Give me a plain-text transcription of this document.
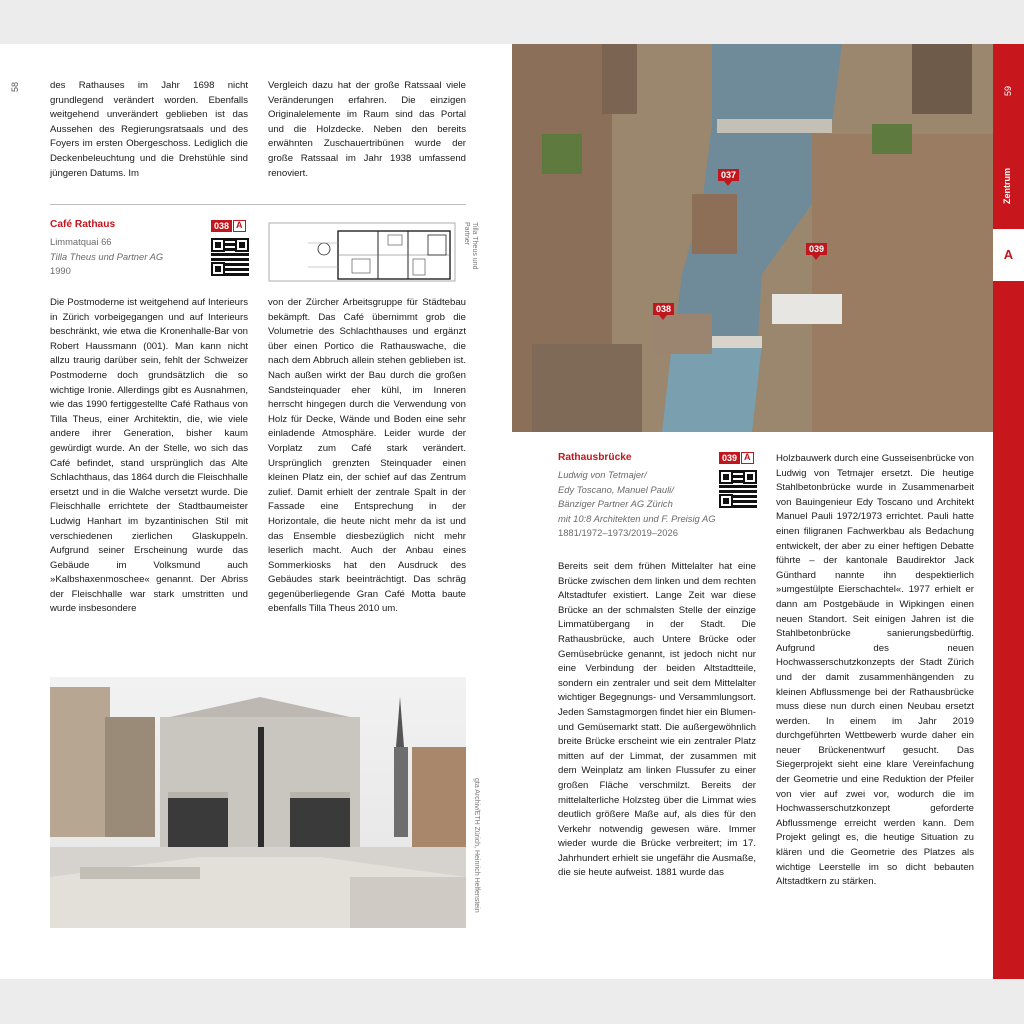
58	des Rathauses im Jahr 1698 nicht grundlegend verändert worden. Ebenfalls weitgehend unverändert geblieben ist das Aussehen des Regierungsratsaals und des Foyers im ersten Obergeschoss. Lediglich die Deckenbeleuchtung und die Drehstühle sind jüngeren Datums. Im
Vergleich dazu hat der große Ratssaal viele Veränderungen erfahren. Die einzigen Originalelemente im Raum sind das Portal und die Holzdecke. Neben den bereits erwähnten Zuschauertribünen wurde der große Ratssaal im Jahr 1938 umfassend renoviert.
Café Rathaus
Limmatquai 66
Tilla Theus und Partner AG
1990
038 A	Tilla Theus und Partner
Die Postmoderne ist weitgehend auf Interieurs in Zürich vorbeigegangen und auf Interieurs beschränkt, wie etwa die Kronenhalle-Bar von Robert Haussmann (001). Man kann nicht allzu traurig darüber sein, fehlt der Schweizer Postmoderne doch grundsätzlich die so wichtige Ironie. Allerdings gibt es Ausnahmen, wie das 1990 fertiggestellte Café Rathaus von Tilla Theus, einer Architektin, die, wie viele andere ihrer Generation, bisher kaum gewürdigt wurde. An der Stelle, wo sich das Café befindet, stand ursprünglich das Alte Schlachthaus, das 1864 durch die Fleischhalle ersetzt und in die Walche versetzt wurde. Die Fleischhalle errichtete der Stadtbaumeister Ludwig Hanhart im byzantinischen Stil mit verschiedenen zierlichen Glaskuppeln. Aufgrund seiner Erscheinung wurde das Gebäude im Volksmund auch »Kalbshaxenmoschee« genannt. Der Abriss der Fleischhalle war stark umstritten und wurde insbesondere
von der Zürcher Arbeitsgruppe für Städtebau bekämpft. Das Café übernimmt grob die Volumetrie des Schlachthauses und ergänzt über einen Portico die Rathauswache, die nach dem Abbruch allein stehen geblieben ist. Nach außen wirkt der Bau durch die großen Sandsteinquader eher kühl, im Inneren herrscht hingegen durch die Verwendung von Holz für Decke, Wände und Boden eine sehr einladende Atmosphäre. Leider wurde der Vorplatz zum Café stark verändert. Ursprünglich grenzten Steinquader einen kleinen Platz ein, der schief auf das Zentrum zulief. Damit erhielt der zentrale Spalt in der Fassade eine Entsprechung in der Horizontale, die heute nicht mehr da ist und das Ensemble diesbezüglich nicht mehr leserlich macht. Auch der Anbau eines Sommerkiosks hat den Ausdruck des Gebäudes stark beeinträchtigt. Das schräg gegenüberliegende Gran Café Motta baute ebenfalls Tilla Theus 2010 um.
gta Archiv/ETH Zürich, Heinrich Helfenstein
037
039
038
Rathausbrücke
Ludwig von Tetmajer/
Edy Toscano, Manuel Pauli/
Bänziger Partner AG Zürich
mit 10:8 Architekten und F. Preisig AG
1881/1972–1973/2019–2026
039 A
Bereits seit dem frühen Mittelalter hat eine Brücke zwischen dem linken und dem rechten Altstadtufer existiert. Lange Zeit war diese Brücke an der schmalsten Stelle der einzige Limmatübergang in der Stadt. Die Rathausbrücke, auch Untere Brücke oder Gemüsebrücke genannt, ist jedoch nicht nur eine Verbindung der beiden Altstadtteile, sondern ein zentraler und seit dem Mittelalter wichtiger Begegnungs- und Versammlungsort. Jeden Samstagmorgen findet hier ein Blumen- und Gemüsemarkt statt. Die außergewöhnlich breite Brücke erscheint wie ein zentraler Platz mitten auf der Limmat, der zusammen mit dem Weinplatz am linken Flussufer zu einer großen Fläche verschmilzt. Bereits der mittelalterliche Holzsteg über die Limmat wies deutlich größere Maße auf, als dies für den Verkehr notwendig gewesen wäre. Immer wieder wurde die Brücke verbreitert; im 17. Jahrhundert erhielt sie ungefähr die Ausmaße, die sie heute aufweist. 1881 wurde das
Holzbauwerk durch eine Gusseisenbrücke von Ludwig von Tetmajer ersetzt. Die heutige Stahlbetonbrücke wurde in Zusammenarbeit von Bauingenieur Edy Toscano und Architekt Manuel Pauli 1972/1973 errichtet. Pauli hatte einen filigranen Fachwerkbau als Bedachung entwickelt, der aber zu einer heftigen Debatte führte – der kantonale Baudirektor Jack Günthard nannte ihn despektierlich »umgestülpte Eierschachtel«. 1977 erhielt er dann am Postgebäude in Wipkingen einen neuen Standort. Seit einigen Jahren ist die Stahlbetonbrücke sanierungsbedürftig. Aufgrund des neuen Hochwasserschutzkonzepts der Stadt Zürich und der damit zusammenhängenden zu kleinen Abflussmenge bei der Rathausbrücke muss diese nun durch einen Neubau ersetzt werden. In einem im Jahr 2019 durchgeführten Wettbewerb wurde daher ein neuer Brückenentwurf gesucht. Das Siegerprojekt sieht eine klare Vereinfachung der Geometrie und eine Reduktion der Pfeiler von vier auf zwei vor, wodurch die im Hochwasserschutzkonzept geforderte Abflussmenge erreicht werden kann. Dem Projekt gelingt es, die heutige Situation zu klären und die Geometrie des Platzes als wichtige Leerstelle im so dicht bebauten Altstadtkern zu stärken.
59
Zentrum
A
